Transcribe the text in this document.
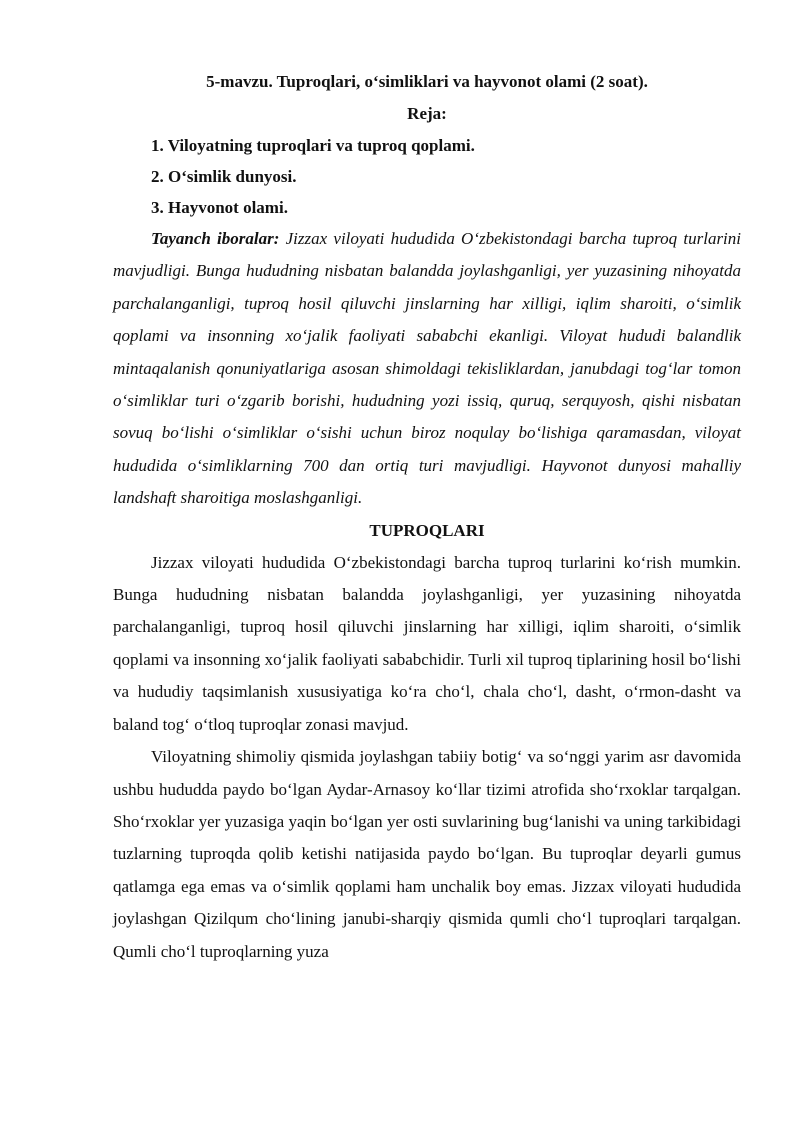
5-mavzu. Tuproqlari, o‘simliklari va hayvonot olami (2 soat).

Reja:

1. Viloyatning tuproqlari va tuproq qoplami.

2. O‘simlik dunyosi.

3. Hayvonot olami.

Tayanch iboralar: Jizzax viloyati hududida O‘zbekistondagi barcha tuproq turlarini mavjudligi. Bunga hududning nisbatan balandda joylashganligi, yer yuzasining nihoyatda parchalanganligi, tuproq hosil qiluvchi jinslarning har xilligi, iqlim sharoiti, o‘simlik qoplami va insonning xo‘jalik faoliyati sababchi ekanligi. Viloyat hududi balandlik mintaqalanish qonuniyatlariga asosan shimoldagi tekisliklardan, janubdagi tog‘lar tomon o‘simliklar turi o‘zgarib borishi, hududning yozi issiq, quruq, serquyosh, qishi nisbatan sovuq bo‘lishi o‘simliklar o‘sishi uchun biroz noqulay bo‘lishiga qaramasdan, viloyat hududida o‘simliklarning 700 dan ortiq turi mavjudligi. Hayvonot dunyosi mahalliy landshaft sharoitiga moslashganligi.

TUPROQLARI

Jizzax viloyati hududida O‘zbekistondagi barcha tuproq turlarini ko‘rish mumkin. Bunga hududning nisbatan balandda joylashganligi, yer yuzasining nihoyatda parchalanganligi, tuproq hosil qiluvchi jinslarning har xilligi, iqlim sharoiti, o‘simlik qoplami va insonning xo‘jalik faoliyati sababchidir. Turli xil tuproq tiplarining hosil bo‘lishi va hududiy taqsimlanish xususiyatiga ko‘ra cho‘l, chala cho‘l, dasht, o‘rmon-dasht va baland tog‘ o‘tloq tuproqlar zonasi mavjud.

Viloyatning shimoliy qismida joylashgan tabiiy botig‘ va so‘nggi yarim asr davomida ushbu hududda paydo bo‘lgan Aydar-Arnasoy ko‘llar tizimi atrofida sho‘rxoklar tarqalgan. Sho‘rxoklar yer yuzasiga yaqin bo‘lgan yer osti suvlarining bug‘lanishi va uning tarkibidagi tuzlarning tuproqda qolib ketishi natijasida paydo bo‘lgan. Bu tuproqlar deyarli gumus qatlamga ega emas va o‘simlik qoplami ham unchalik boy emas. Jizzax viloyati hududida joylashgan Qizilqum cho‘lining janubi-sharqiy qismida qumli cho‘l tuproqlari tarqalgan. Qumli cho‘l tuproqlarning yuza
